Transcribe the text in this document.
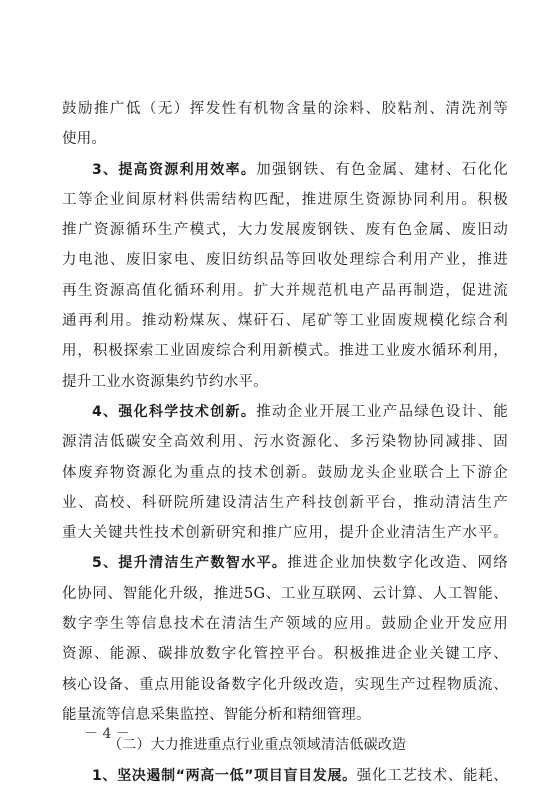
鼓励推广低（无）挥发性有机物含量的涂料、胶粘剂、清洗剂等
使用。
3、提高资源利用效率。加强钢铁、有色金属、建材、石化化
工等企业间原材料供需结构匹配，推进原生资源协同利用。积极
推广资源循环生产模式，大力发展废钢铁、废有色金属、废旧动
力电池、废旧家电、废旧纺织品等回收处理综合利用产业，推进
再生资源高值化循环利用。扩大并规范机电产品再制造，促进流
通再利用。推动粉煤灰、煤矸石、尾矿等工业固废规模化综合利
用，积极探索工业固废综合利用新模式。推进工业废水循环利用，
提升工业水资源集约节约水平。
4、强化科学技术创新。推动企业开展工业产品绿色设计、能
源清洁低碳安全高效利用、污水资源化、多污染物协同减排、固
体废弃物资源化为重点的技术创新。鼓励龙头企业联合上下游企
业、高校、科研院所建设清洁生产科技创新平台，推动清洁生产
重大关键共性技术创新研究和推广应用，提升企业清洁生产水平。
5、提升清洁生产数智水平。推进企业加快数字化改造、网络
化协同、智能化升级，推进5G、工业互联网、云计算、人工智能、
数字孪生等信息技术在清洁生产领域的应用。鼓励企业开发应用
资源、能源、碳排放数字化管控平台。积极推进企业关键工序、
核心设备、重点用能设备数字化升级改造，实现生产过程物质流、
能量流等信息采集监控、智能分析和精细管理。
（二）大力推进重点行业重点领域清洁低碳改造
1、坚决遏制“两高一低”项目盲目发展。强化工艺技术、能耗、
－ 4 －
